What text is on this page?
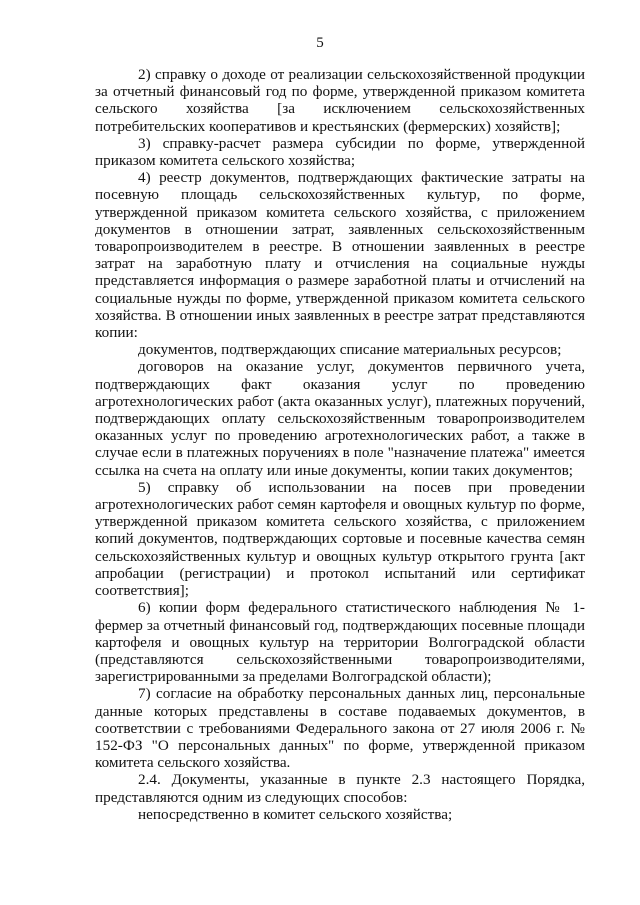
5

2) справку о доходе от реализации сельскохозяйственной продукции за отчетный финансовый год по форме, утвержденной приказом комитета сельского хозяйства [за исключением сельскохозяйственных потребительских кооперативов и крестьянских (фермерских) хозяйств];

3) справку-расчет размера субсидии по форме, утвержденной приказом комитета сельского хозяйства;

4) реестр документов, подтверждающих фактические затраты на посевную площадь сельскохозяйственных культур, по форме, утвержденной приказом комитета сельского хозяйства, с приложением документов в отношении затрат, заявленных сельскохозяйственным товаропроизводителем в реестре. В отношении заявленных в реестре затрат на заработную плату и отчисления на социальные нужды представляется информация о размере заработной платы и отчислений на социальные нужды по форме, утвержденной приказом комитета сельского хозяйства. В отношении иных заявленных в реестре затрат представляются копии:

документов, подтверждающих списание материальных ресурсов;

договоров на оказание услуг, документов первичного учета, подтверждающих факт оказания услуг по проведению агротехнологических работ (акта оказанных услуг), платежных поручений, подтверждающих оплату сельскохозяйственным товаропроизводителем оказанных услуг по проведению агротехнологических работ, а также в случае если в платежных поручениях в поле "назначение платежа" имеется ссылка на счета на оплату или иные документы, копии таких документов;

5) справку об использовании на посев при проведении агротехнологических работ семян картофеля и овощных культур по форме, утвержденной приказом комитета сельского хозяйства, с приложением копий документов, подтверждающих сортовые и посевные качества семян сельскохозяйственных культур и овощных культур открытого грунта [акт апробации (регистрации) и протокол испытаний или сертификат соответствия];

6) копии форм федерального статистического наблюдения № 1-фермер за отчетный финансовый год, подтверждающих посевные площади картофеля и овощных культур на территории Волгоградской области (представляются сельскохозяйственными товаропроизводителями, зарегистрированными за пределами Волгоградской области);

7) согласие на обработку персональных данных лиц, персональные данные которых представлены в составе подаваемых документов, в соответствии с требованиями Федерального закона от 27 июля 2006 г. № 152-ФЗ "О персональных данных" по форме, утвержденной приказом комитета сельского хозяйства.

2.4. Документы, указанные в пункте 2.3 настоящего Порядка, представляются одним из следующих способов:

непосредственно в комитет сельского хозяйства;
